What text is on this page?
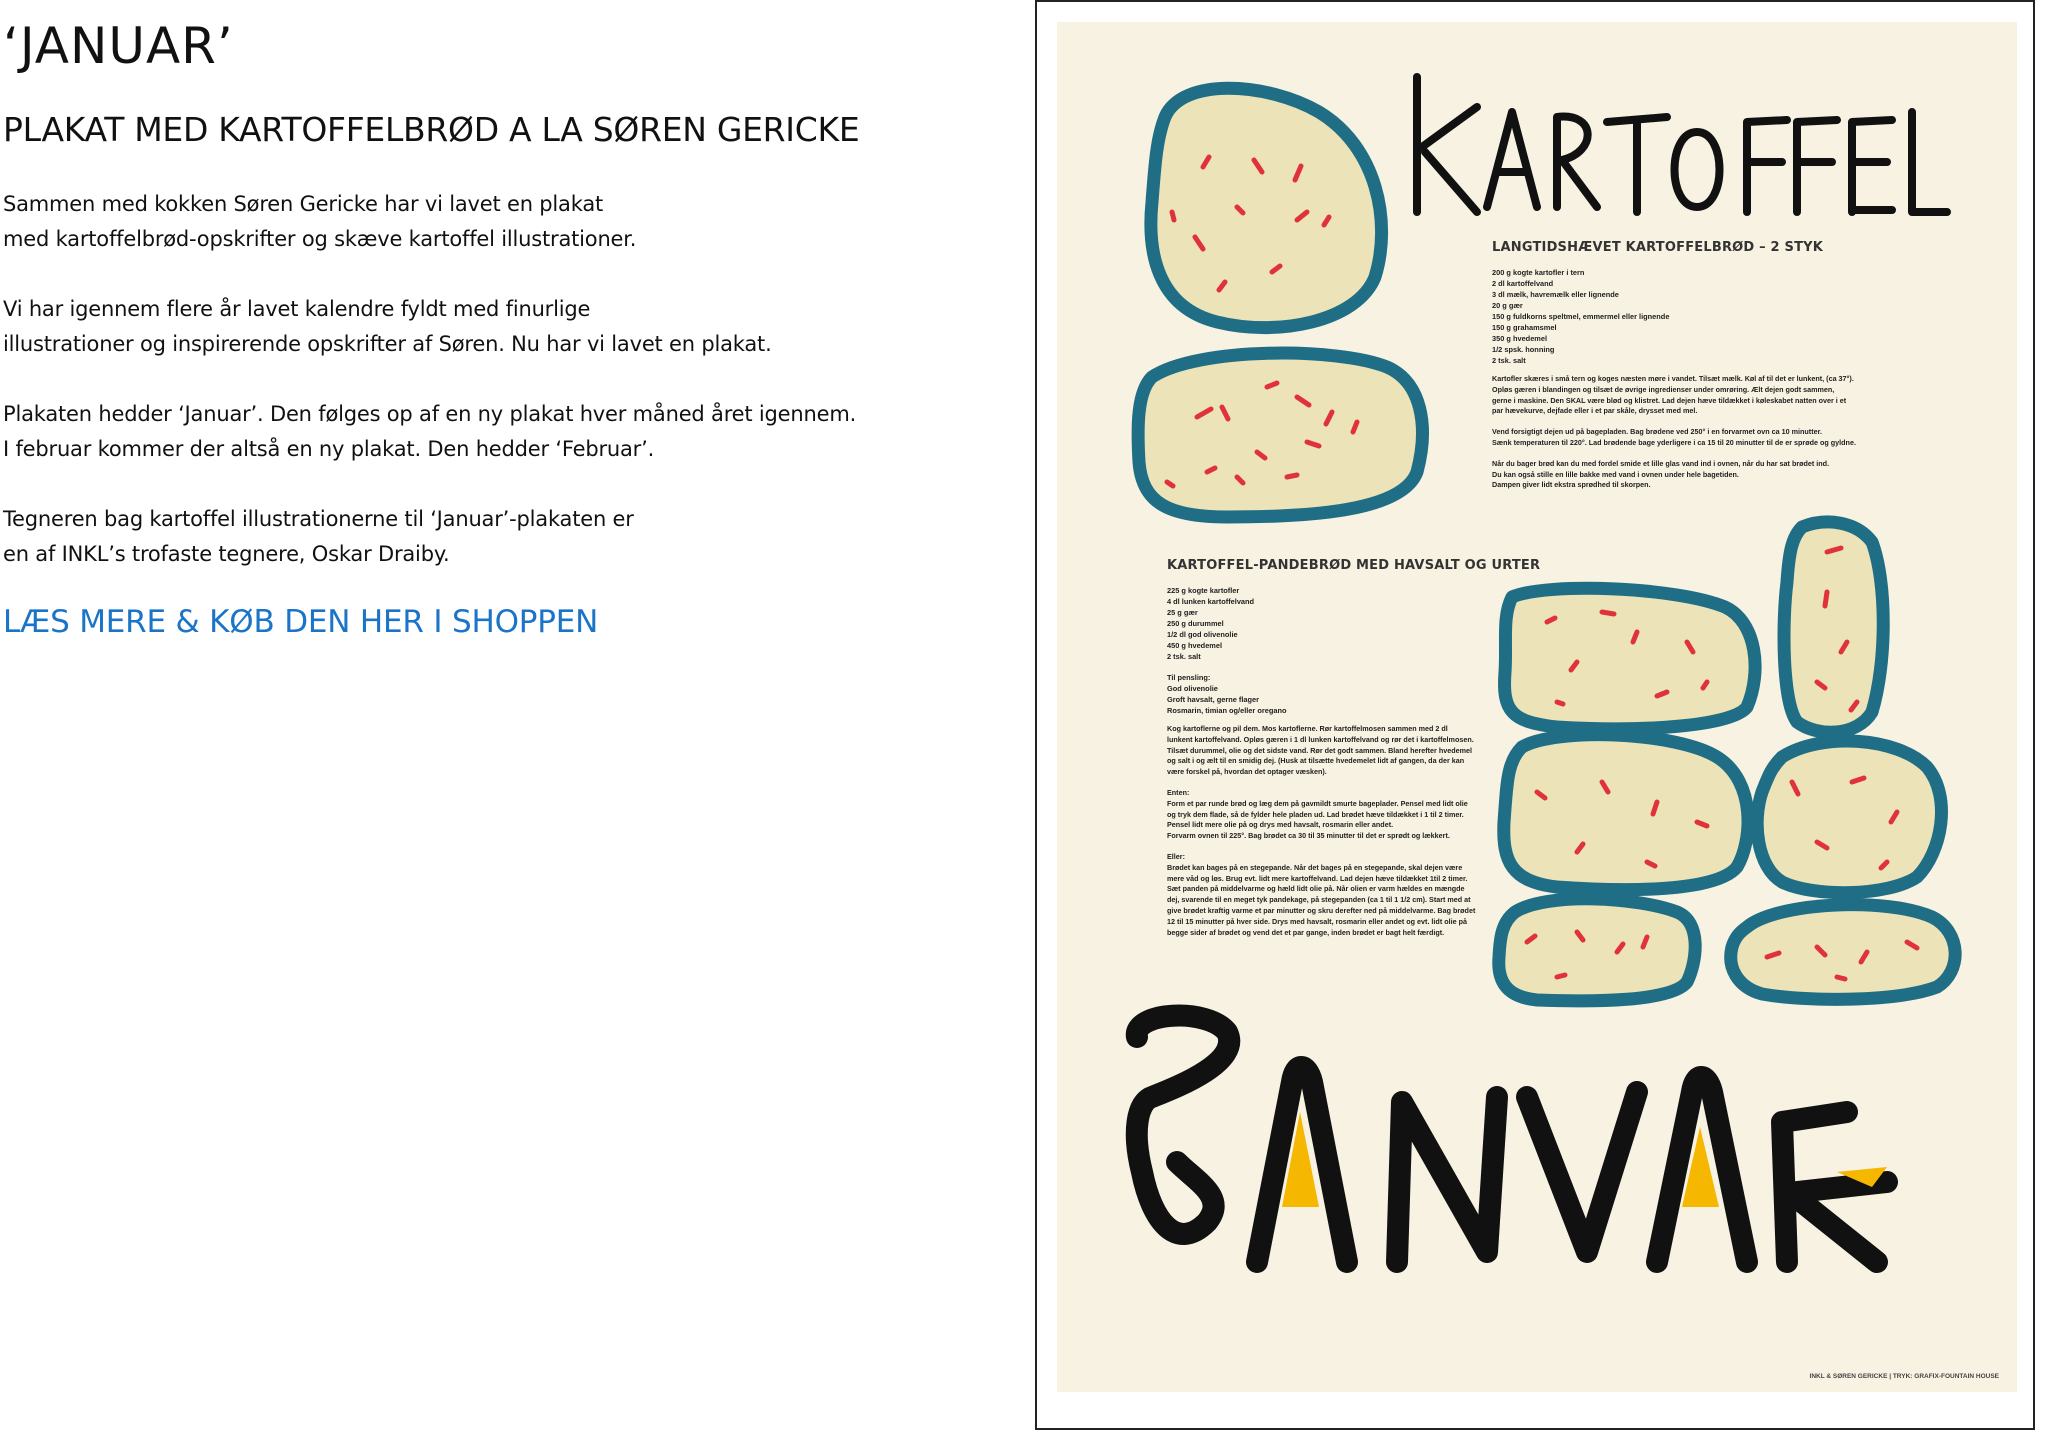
‘JANUAR’
PLAKAT MED KARTOFFELBRØD A LA SØREN GERICKE

Sammen med kokken Søren Gericke har vi lavet en plakat
med kartoffelbrød-opskrifter og skæve kartoffel illustrationer.

Vi har igennem flere år lavet kalendre fyldt med finurlige
illustrationer og inspirerende opskrifter af Søren. Nu har vi lavet en plakat.

Plakaten hedder ‘Januar’. Den følges op af en ny plakat hver måned året igennem.
I februar kommer der altså en ny plakat. Den hedder ‘Februar’.

Tegneren bag kartoffel illustrationerne til ‘Januar’-plakaten er
en af INKL’s trofaste tegnere, Oskar Draiby.

LÆS MERE & KØB DEN HER I SHOPPEN
LANGTIDSHÆVET KARTOFFELBRØD – 2 STYK
200 g kogte kartofler i tern
2 dl kartoffelvand
3 dl mælk, havremælk eller lignende
20 g gær
150 g fuldkorns speltmel, emmermel eller lignende
150 g grahamsmel
350 g hvedemel
1/2 spsk. honning
2 tsk. salt
Kartofler skæres i små tern og koges næsten møre i vandet. Tilsæt mælk. Køl af til det er lunkent, (ca 37°).
Opløs gæren i blandingen og tilsæt de øvrige ingredienser under omrøring. Ælt dejen godt sammen,
gerne i maskine. Den SKAL være blød og klistret. Lad dejen hæve tildækket i køleskabet natten over i et
par hævekurve, dejfade eller i et par skåle, drysset med mel.
Vend forsigtigt dejen ud på bagepladen. Bag brødene ved 250° i en forvarmet ovn ca 10 minutter.
Sænk temperaturen til 220°. Lad brødende bage yderligere i ca 15 til 20 minutter til de er sprøde og gyldne.
Når du bager brød kan du med fordel smide et lille glas vand ind i ovnen, når du har sat brødet ind.
Du kan også stille en lille bakke med vand i ovnen under hele bagetiden.
Dampen giver lidt ekstra sprødhed til skorpen.
KARTOFFEL-PANDEBRØD MED HAVSALT OG URTER
225 g kogte kartofler
4 dl lunken kartoffelvand
25 g gær
250 g durummel
1/2 dl god olivenolie
450 g hvedemel
2 tsk. salt
Til pensling:
God olivenolie
Groft havsalt, gerne flager
Rosmarin, timian og/eller oregano
Kog kartoflerne og pil dem. Mos kartoflerne. Rør kartoffelmosen sammen med 2 dl
lunkent kartoffelvand. Opløs gæren i 1 dl lunken kartoffelvand og rør det i kartoffelmosen.
Tilsæt durummel, olie og det sidste vand. Rør det godt sammen. Bland herefter hvedemel
og salt i og ælt til en smidig dej. (Husk at tilsætte hvedemelet lidt af gangen, da der kan
være forskel på, hvordan det optager væsken).
Enten:
Form et par runde brød og læg dem på gavmildt smurte bageplader. Pensel med lidt olie
og tryk dem flade, så de fylder hele pladen ud. Lad brødet hæve tildækket i 1 til 2 timer.
Pensel lidt mere olie på og drys med havsalt, rosmarin eller andet.
Forvarm ovnen til 225°. Bag brødet ca 30 til 35 minutter til det er sprødt og lækkert.
Eller:
Brødet kan bages på en stegepande. Når det bages på en stegepande, skal dejen være
mere våd og løs. Brug evt. lidt mere kartoffelvand. Lad dejen hæve tildækket 1til 2 timer.
Sæt panden på middelvarme og hæld lidt olie på. Når olien er varm hældes en mængde
dej, svarende til en meget tyk pandekage, på stegepanden (ca 1 til 1 1/2 cm). Start med at
give brødet kraftig varme et par minutter og skru derefter ned på middelvarme. Bag brødet
12 til 15 minutter på hver side. Drys med havsalt, rosmarin eller andet og evt. lidt olie på
begge sider af brødet og vend det et par gange, inden brødet er bagt helt færdigt.
INKL & SØREN GERICKE | TRYK: GRAFIX-FOUNTAIN HOUSE
